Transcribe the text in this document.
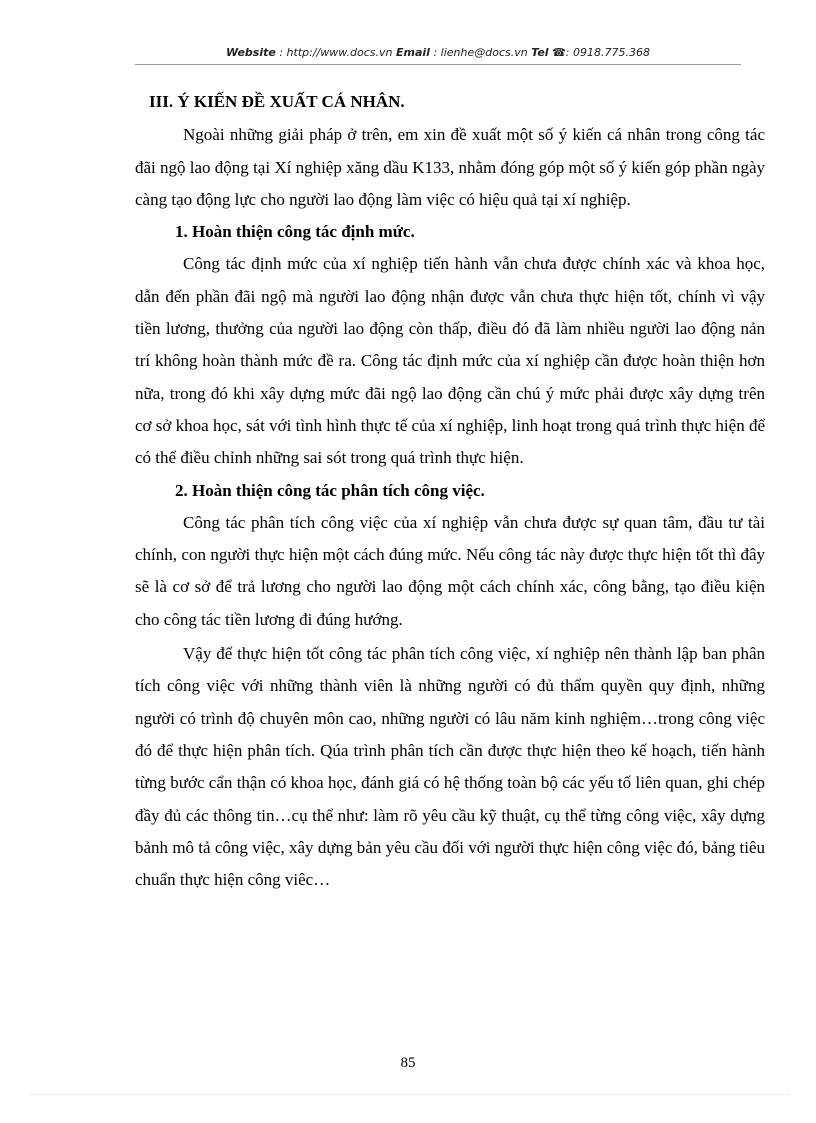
Website : http://www.docs.vn Email : lienhe@docs.vn Tel ☎: 0918.775.368

III. Ý KIẾN ĐỀ XUẤT CÁ NHÂN.

Ngoài những giải pháp ở trên, em xin đề xuất một số ý kiến cá nhân trong công tác đãi ngộ lao động tại Xí nghiệp xăng dầu K133, nhằm đóng góp một số ý kiến góp phần ngày càng tạo động lực cho người lao động làm việc có hiệu quả tại xí nghiệp.

1. Hoàn thiện công tác định mức.

Công tác định mức của xí nghiệp tiến hành vẫn chưa được chính xác và khoa học, dẫn đến phần đãi ngộ mà người lao động nhận được vẫn chưa thực hiện tốt, chính vì vậy tiền lương, thưởng của người lao động còn thấp, điều đó đã làm nhiều người lao động nản trí không hoàn thành mức đề ra. Công tác định mức của xí nghiệp cần được hoàn thiện hơn nữa, trong đó khi xây dựng mức đãi ngộ lao động cần chú ý mức phải được xây dựng trên cơ sở khoa học, sát với tình hình thực tế của xí nghiệp, linh hoạt trong quá trình thực hiện để có thể điều chỉnh những sai sót trong quá trình thực hiện.

2. Hoàn thiện công tác phân tích công việc.

Công tác phân tích công việc của xí nghiệp vẫn chưa được sự quan tâm, đầu tư tài chính, con người thực hiện một cách đúng mức. Nếu công tác này được thực hiện tốt thì đây sẽ là cơ sở để trả lương cho người lao động một cách chính xác, công bằng, tạo điều kiện cho công tác tiền lương đi đúng hướng.

Vậy để thực hiện tốt công tác phân tích công việc, xí nghiệp nên thành lập ban phân tích công việc với những thành viên là những người có đủ thẩm quyền quy định, những người có trình độ chuyên môn cao, những người có lâu năm kinh nghiệm…trong công việc đó để thực hiện phân tích. Qúa trình phân tích cần được thực hiện theo kế hoạch, tiến hành từng bước cẩn thận có khoa học, đánh giá có hệ thống toàn bộ các yếu tố liên quan, ghi chép đầy đủ các thông tin…cụ thể như: làm rõ yêu cầu kỹ thuật, cụ thể từng công việc, xây dựng bảnh mô tả công việc, xây dựng bản yêu cầu đối với người thực hiện công việc đó, bảng tiêu chuẩn thực hiện công viêc…

85
